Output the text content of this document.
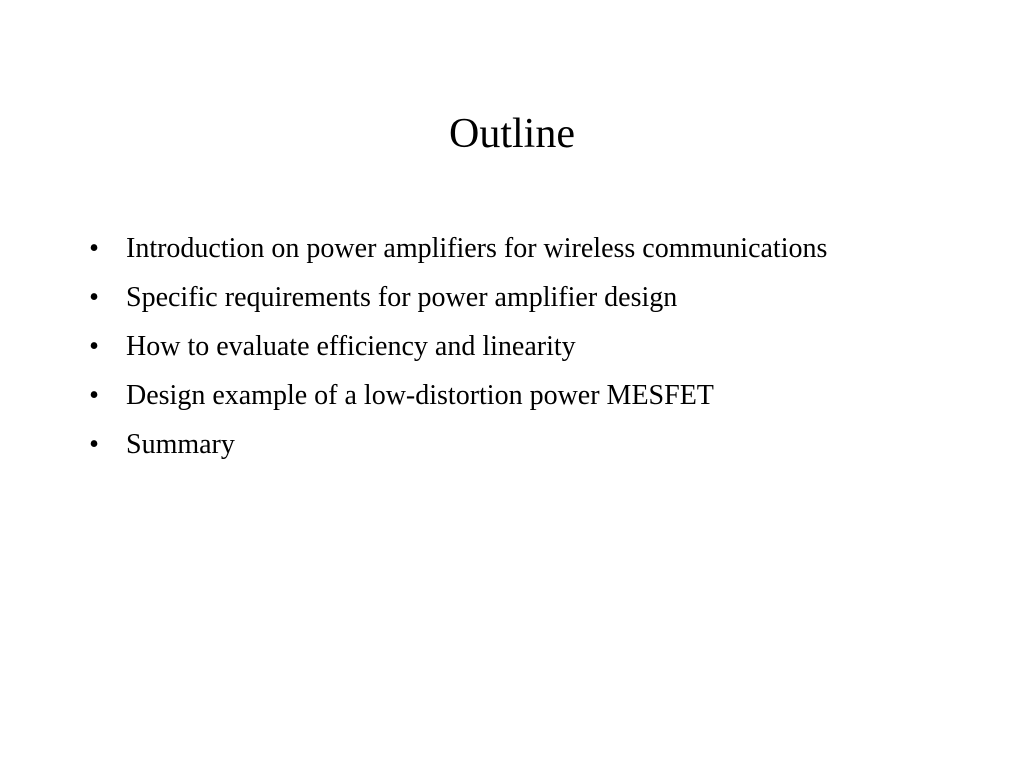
Outline
• Introduction on power amplifiers for wireless communications
• Specific requirements for power amplifier design
• How to evaluate efficiency and linearity
• Design example of a low-distortion power MESFET
• Summary
